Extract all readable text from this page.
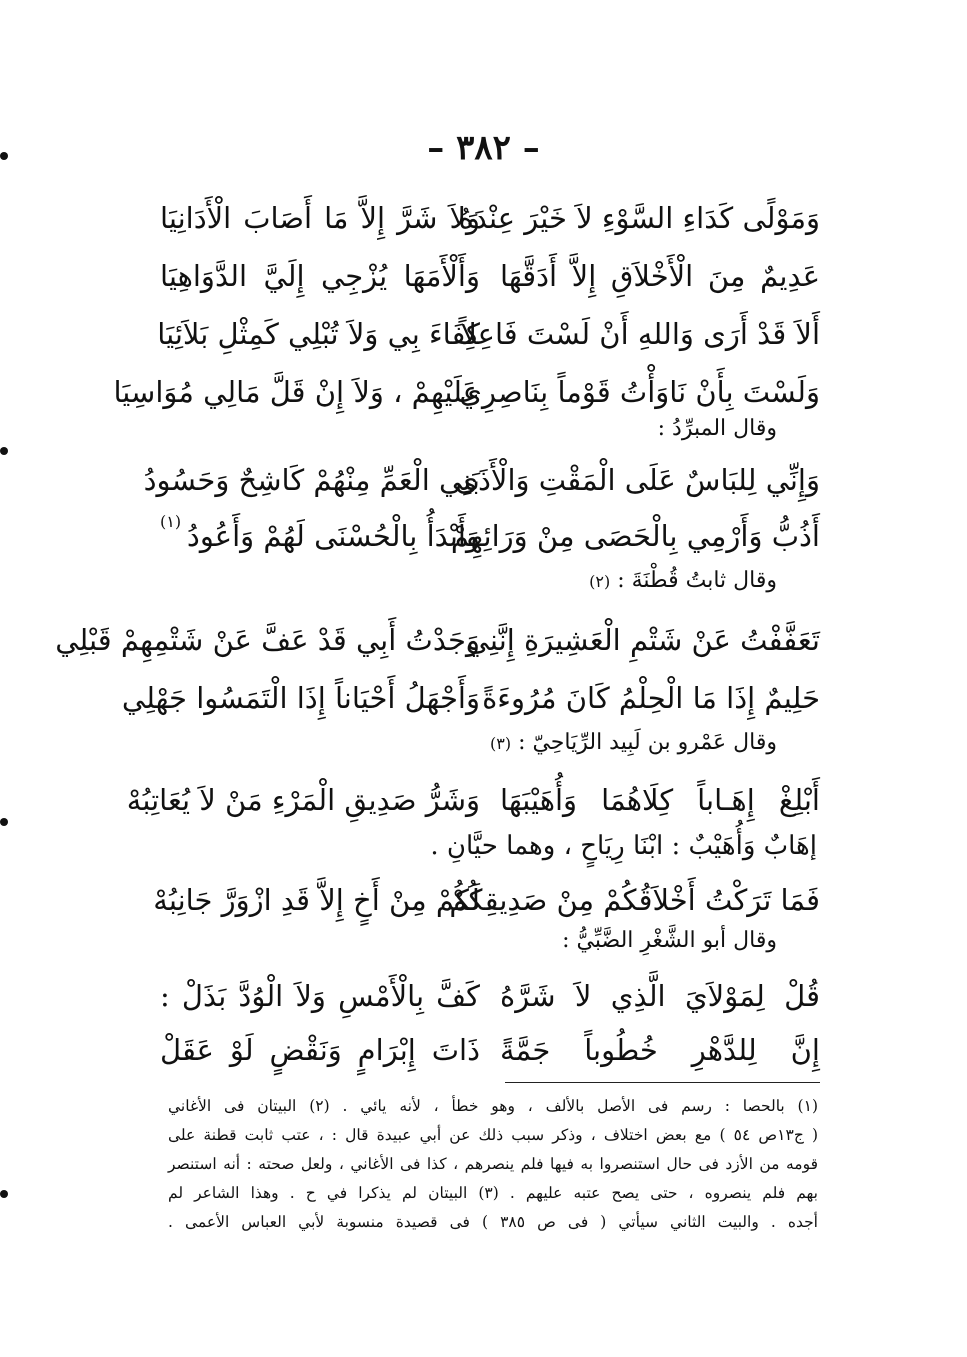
– ٣٨٢ –
وَمَوْلًى كَدَاءِ السَّوْءِ لاَ خَيْرَ عِنْدَهُ
وَلاَ شَرَّ إِلاَّ مَا أَصَابَ الْأَدَانِيَا
عَدِيمٌ مِنَ الْأَخْلاَقِ إِلاَّ أَدَقَّهَا
وَأَلْأَمَهَا يُزْجِي إِلَيَّ الدَّوَاهِيَا
أَلاَ قَدْ أَرَى وَاللهِ أَنْ لَسْتَ فَاعِلاً
كِفَاءَ بِي وَلاَ تُبْلِي كَمِثْلِ بَلاَئِيَا
وَلَسْتَ بِأَنْ نَاوَأْتُ قَوْماً بِنَاصِرِي
عَلَيْهِمْ ، وَلاَ إِنْ قَلَّ مَالِي مُوَاسِيَا
وقال المبرِّدُ :
وَإِنِّي لِلبَاسٌ عَلَى الْمَقْتِ وَالْأَذَى
بَنِي الْعَمِّ مِنْهُمْ كَاشِحٌ وَحَسُودُ
أَذُبُّ وَأَرْمِي بِالْحَصَى مِنْ وَرَائِهِمْ
وَأَبْدَأُ بِالْحُسْنَى لَهُمْ وَأَعُودُ
(١)
وقال ثابتُ قُطْنَةَ : (٢)
تَعَفَّفْتُ عَنْ شَتْمِ الْعَشِيرَةِ إِنَّنِي
وَجَدْتُ أَبِي قَدْ عَفَّ عَنْ شَتْمِهِمْ قَبْلِي
حَلِيمٌ إِذَا مَا الْحِلْمُ كَانَ مُرُوءَةً
وَأَجْهَلُ أَحْيَاناً إِذَا الْتَمَسُوا جَهْلِي
وقال عَمْرو بن لَبِيد الرِّيَاحِيّ : (٣)
أَبْلِغْ إِهَـاباً كِلَاهُمَا وَأُهَيْبَهَا
وَشَرُّ صَدِيقِ الْمَرْءِ مَنْ لاَ يُعَاتِبُهْ
إهَابٌ وَأُهَيْبٌ : ابْنَا رِيَاحٍ ، وهما حيَّانِ .
فَمَا تَرَكْتُ أَخْلاَقُكُمْ مِنْ صَدِيقِكُمْ
لَكُمْ مِنْ أَخٍ إِلاَّ قَدِ ازْوَرَّ جَانِبُهْ
وقال أبو الشَّغْرِ الضَّبِّيُّ :
قُلْ لِمَوْلاَيَ الَّذِي لاَ شَرَّهُ
كَفَّ بِالْأَمْسِ وَلاَ الْوُدَّ بَذَلْ :
إِنَّ لِلدَّهْرِ خُطُوباً جَمَّةً
ذَاتَ إِبْرَامٍ وَنَقْضٍ لَوْ عَقَلْ
(١) بالحصا : رسم فى الأصل بالألف ، وهو خطأ ، لأنه يائي . (٢) البيتان فى الأغاني
( ج١٣ص ٥٤ ) مع بعض اختلاف ، وذكر سبب ذلك عن أبي عبيدة قال : ، عتب ثابت قطنة على
قومه من الأزد فى حال استنصروا به فيها فلم ينصرهم ، كذا فى الأغاني ، ولعل صحته : أنه استنصر
بهم فلم ينصروه ، حتى يصح عتبه عليهم . (٣) البيتان لم يذكرا في ح . وهذا الشاعر لم
أجده . والبيت الثاني سيأتي ( فى ص ٣٨٥ ) فى قصيدة منسوبة لأبي العباس الأعمى .
